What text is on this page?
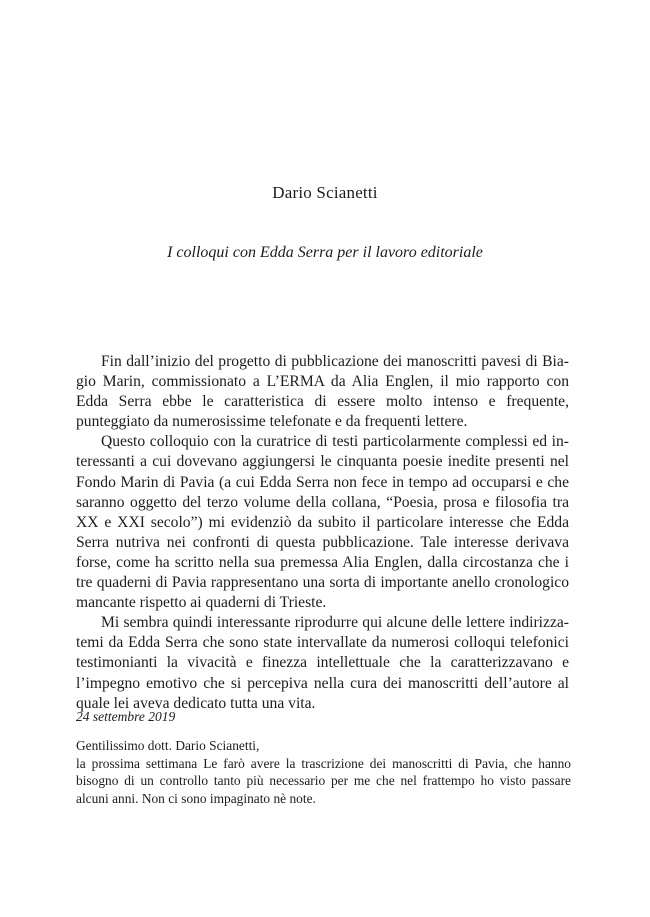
Dario Scianetti
I colloqui con Edda Serra per il lavoro editoriale

Fin dall’inizio del progetto di pubblicazione dei manoscritti pavesi di Biagio Marin, commissionato a L’ERMA da Alia Englen, il mio rapporto con Edda Serra ebbe le caratteristica di essere molto intenso e frequente, punteggiato da numerosissime telefonate e da frequenti lettere.

Questo colloquio con la curatrice di testi particolarmente complessi ed interessanti a cui dovevano aggiungersi le cinquanta poesie inedite presenti nel Fondo Marin di Pavia (a cui Edda Serra non fece in tempo ad occuparsi e che saranno oggetto del terzo volume della collana, “Poesia, prosa e filosofia tra XX e XXI secolo”) mi evidenziò da subito il particolare interesse che Edda Serra nutriva nei confronti di questa pubblicazione. Tale interesse derivava forse, come ha scritto nella sua premessa Alia Englen, dalla circostanza che i tre quaderni di Pavia rappresentano una sorta di importante anello cronologico mancante rispetto ai quaderni di Trieste.

Mi sembra quindi interessante riprodurre qui alcune delle lettere indirizzatemi da Edda Serra che sono state intervallate da numerosi colloqui telefonici testimonianti la vivacità e finezza intellettuale che la caratterizzavano e l’impegno emotivo che si percepiva nella cura dei manoscritti dell’autore al quale lei aveva dedicato tutta una vita.

24 settembre 2019

Gentilissimo dott. Dario Scianetti,

la prossima settimana Le farò avere la trascrizione dei manoscritti di Pavia, che hanno bisogno di un controllo tanto più necessario per me che nel frattempo ho visto passare alcuni anni. Non ci sono impaginato nè note.
